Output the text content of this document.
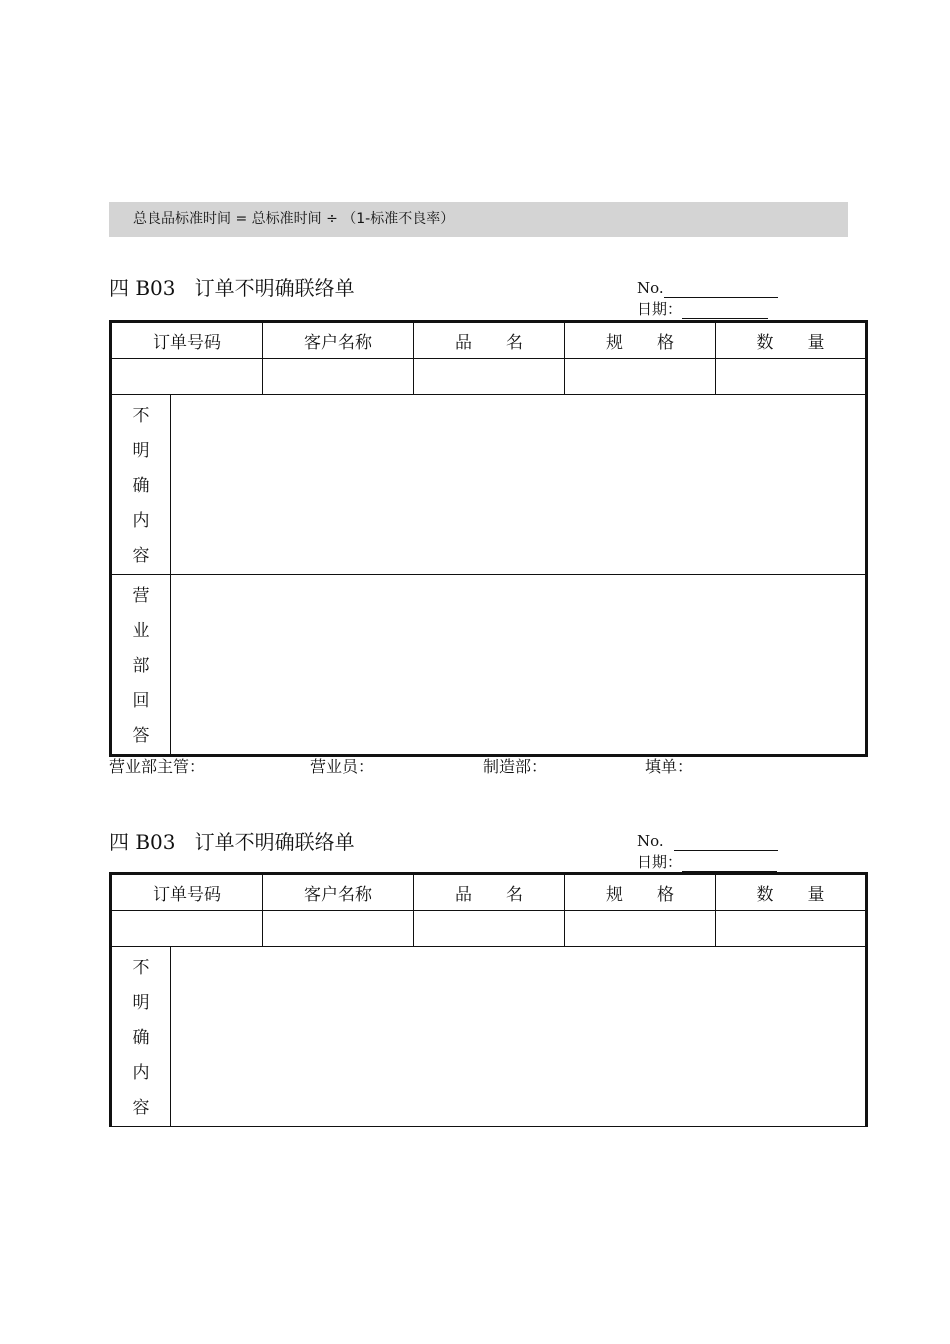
总良品标准时间 = 总标准时间 ÷ （1-标准不良率）
四 B03   订单不明确联络单	No.
日期：
订单号码		客户名称	品　　名	规　　格	数　　量

不
明
确
内
容					

营
业
部
回
答					

营业部主管：

	营业员：

	制造部：

	填单：

四 B03   订单不明确联络单	No.
日期：
订单号码		客户名称	品　　名	规　　格	数　　量

不
明
确
内
容					
